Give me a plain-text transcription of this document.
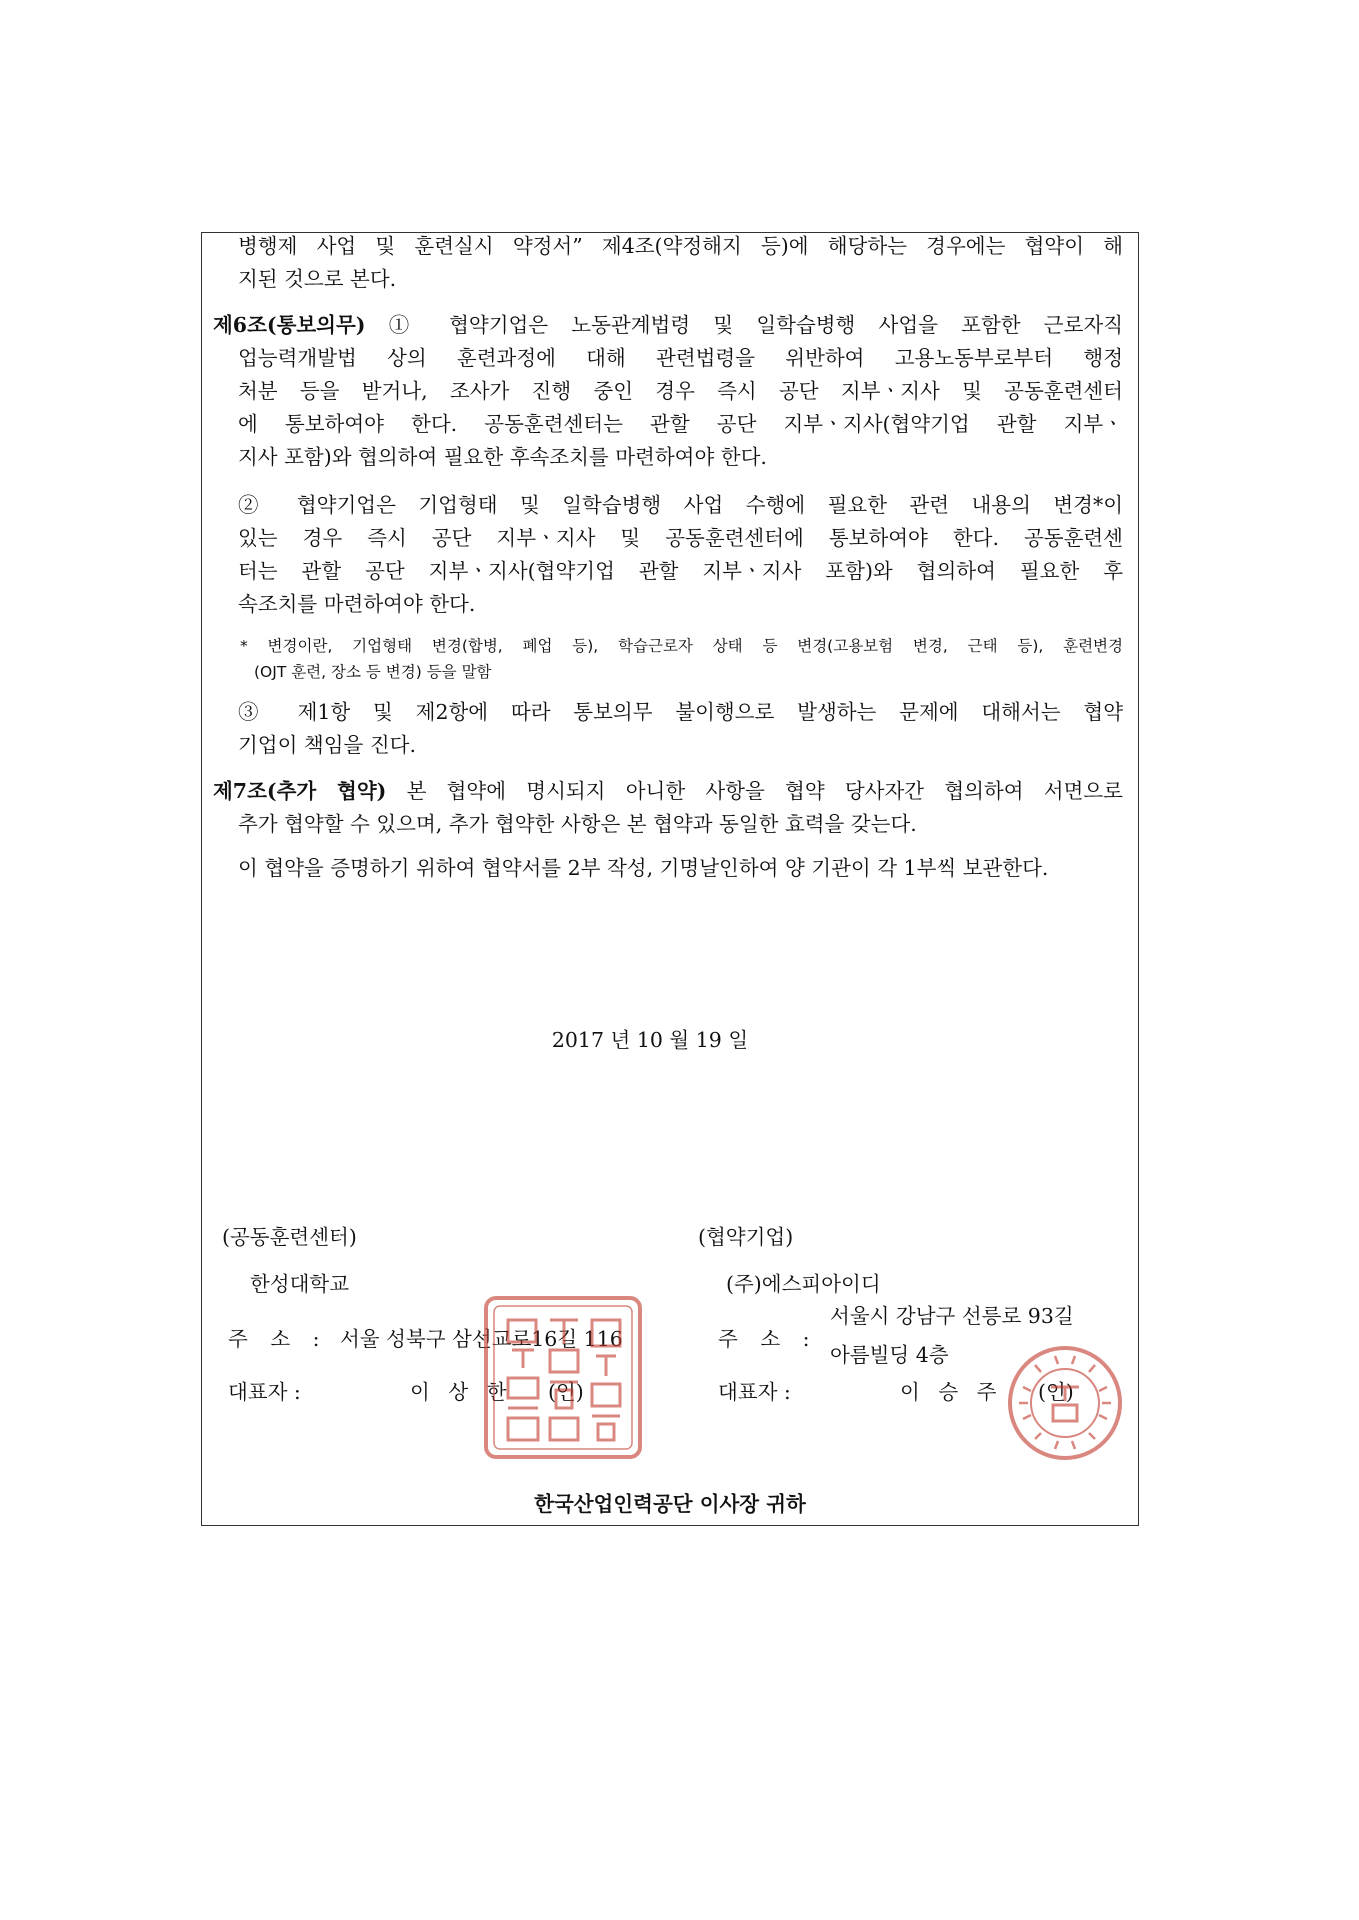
병행제 사업 및 훈련실시 약정서” 제4조(약정해지 등)에 해당하는 경우에는 협약이 해

지된 것으로 본다.

제6조(통보의무) ① 협약기업은 노동관계법령 및 일학습병행 사업을 포함한 근로자직

업능력개발법 상의 훈련과정에 대해 관련법령을 위반하여 고용노동부로부터 행정

처분 등을 받거나, 조사가 진행 중인 경우 즉시 공단 지부ㆍ지사 및 공동훈련센터

에 통보하여야 한다. 공동훈련센터는 관할 공단 지부ㆍ지사(협약기업 관할 지부ㆍ

지사 포함)와 협의하여 필요한 후속조치를 마련하여야 한다.

② 협약기업은 기업형태 및 일학습병행 사업 수행에 필요한 관련 내용의 변경*이

있는 경우 즉시 공단 지부ㆍ지사 및 공동훈련센터에 통보하여야 한다. 공동훈련센

터는 관할 공단 지부ㆍ지사(협약기업 관할 지부ㆍ지사 포함)와 협의하여 필요한 후

속조치를 마련하여야 한다.

* 변경이란, 기업형태 변경(합병, 폐업 등), 학습근로자 상태 등 변경(고용보험 변경, 근태 등), 훈련변경

(OJT 훈련, 장소 등 변경) 등을 말함

③ 제1항 및 제2항에 따라 통보의무 불이행으로 발생하는 문제에 대해서는 협약

기업이 책임을 진다.

제7조(추가 협약) 본 협약에 명시되지 아니한 사항을 협약 당사자간 협의하여 서면으로

추가 협약할 수 있으며, 추가 협약한 사항은 본 협약과 동일한 효력을 갖는다.

이 협약을 증명하기 위하여 협약서를 2부 작성, 기명날인하여 양 기관이 각 1부씩 보관한다.

2017 년 10 월 19 일

(공동훈련센터)

한성대학교

주 소 : 서울 성북구 삼선교로16길 116

대표자 :	이 상 한 (인)

(협약기업)

(주)에스피아이디

주 소 :

서울시 강남구 선릉로 93길

아름빌딩 4층

대표자 :	이 승 주 (인)

한국산업인력공단 이사장 귀하
